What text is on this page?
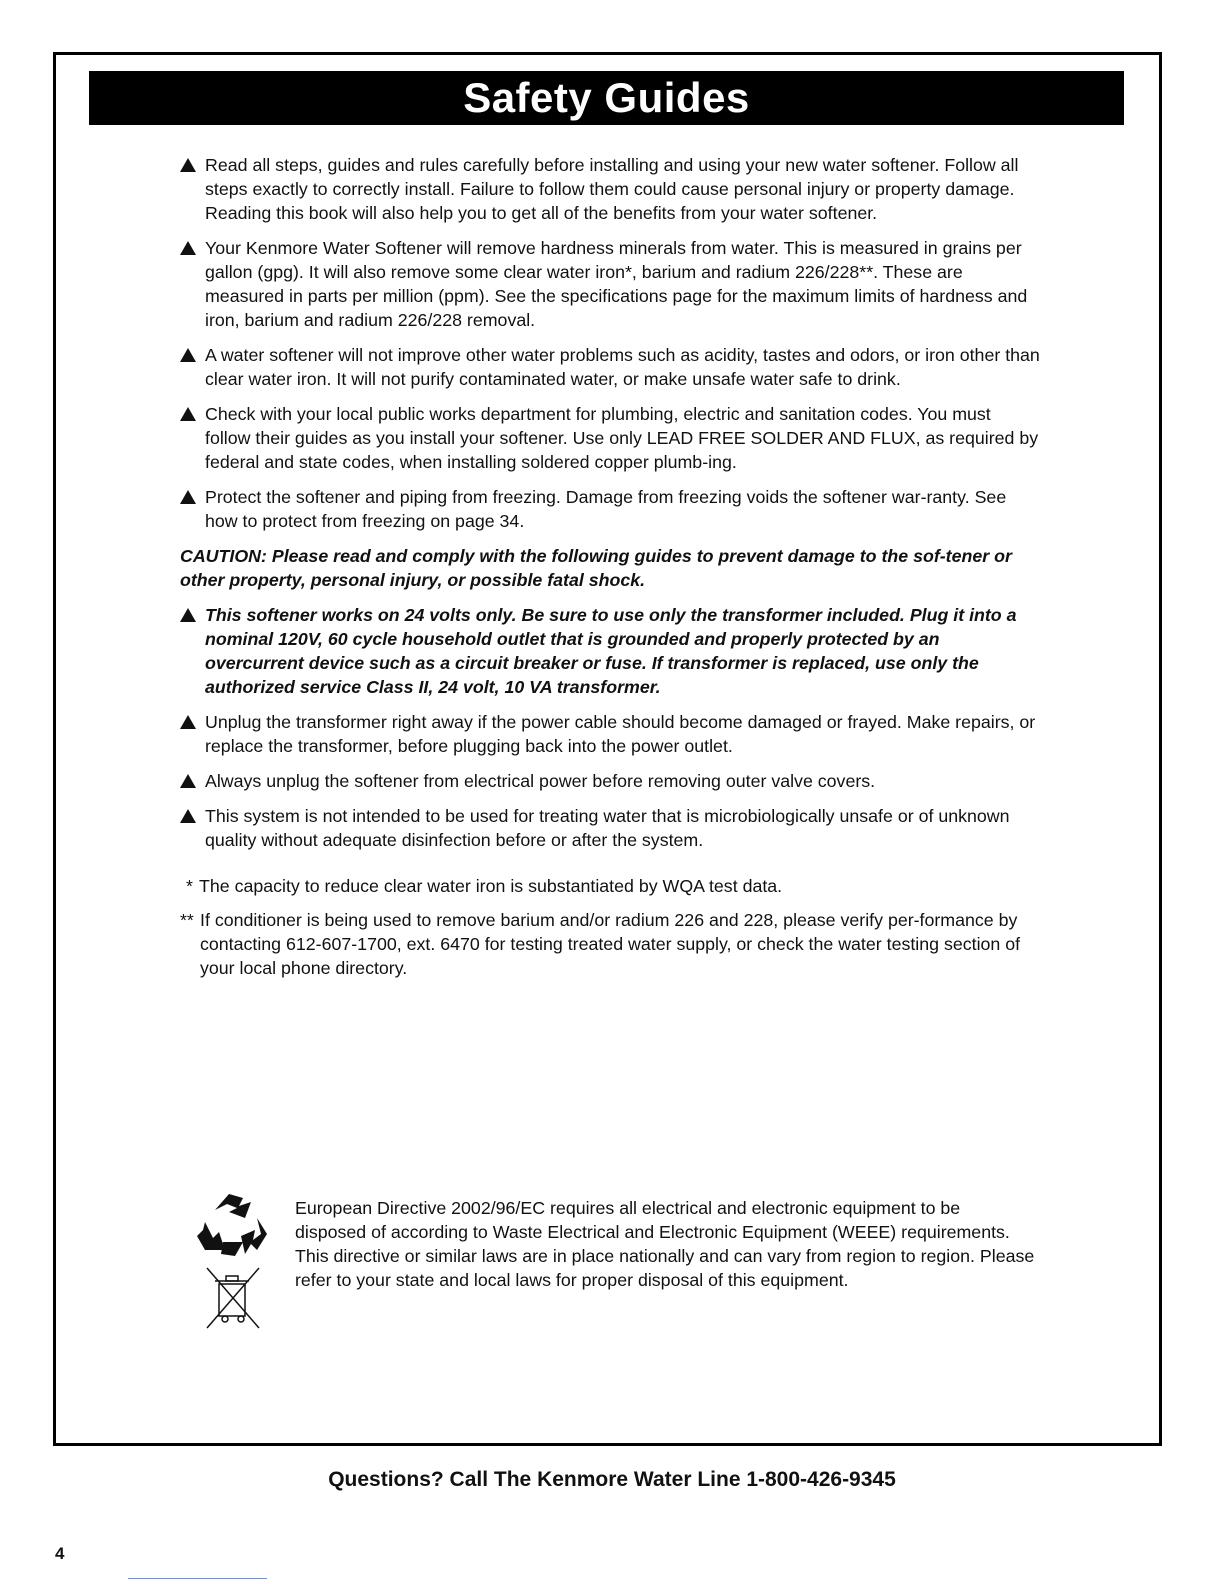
Safety Guides
Read all steps, guides and rules carefully before installing and using your new water softener. Follow all steps exactly to correctly install. Failure to follow them could cause personal injury or property damage. Reading this book will also help you to get all of the benefits from your water softener.
Your Kenmore Water Softener will remove hardness minerals from water. This is measured in grains per gallon (gpg). It will also remove some clear water iron*, barium and radium 226/228**. These are measured in parts per million (ppm). See the specifications page for the maximum limits of hardness and iron, barium and radium 226/228 removal.
A water softener will not improve other water problems such as acidity, tastes and odors, or iron other than clear water iron. It will not purify contaminated water, or make unsafe water safe to drink.
Check with your local public works department for plumbing, electric and sanitation codes. You must follow their guides as you install your softener. Use only LEAD FREE SOLDER AND FLUX, as required by federal and state codes, when installing soldered copper plumb-ing.
Protect the softener and piping from freezing. Damage from freezing voids the softener war-ranty. See how to protect from freezing on page 34.
CAUTION: Please read and comply with the following guides to prevent damage to the sof-tener or other property, personal injury, or possible fatal shock.
This softener works on 24 volts only. Be sure to use only the transformer included. Plug it into a nominal 120V, 60 cycle household outlet that is grounded and properly protected by an overcurrent device such as a circuit breaker or fuse. If transformer is replaced, use only the authorized service Class II, 24 volt, 10 VA transformer.
Unplug the transformer right away if the power cable should become damaged or frayed. Make repairs, or replace the transformer, before plugging back into the power outlet.
Always unplug the softener from electrical power before removing outer valve covers.
This system is not intended to be used for treating water that is microbiologically unsafe or of unknown quality without adequate disinfection before or after the system.
* The capacity to reduce clear water iron is substantiated by WQA test data.
** If conditioner is being used to remove barium and/or radium 226 and 228, please verify per-formance by contacting 612-607-1700, ext. 6470 for testing treated water supply, or check the water testing section of your local phone directory.
European Directive 2002/96/EC requires all electrical and electronic equipment to be disposed of according to Waste Electrical and Electronic Equipment (WEEE) requirements. This directive or similar laws are in place nationally and can vary from region to region. Please refer to your state and local laws for proper disposal of this equipment.
Questions? Call The Kenmore Water Line 1-800-426-9345
4
